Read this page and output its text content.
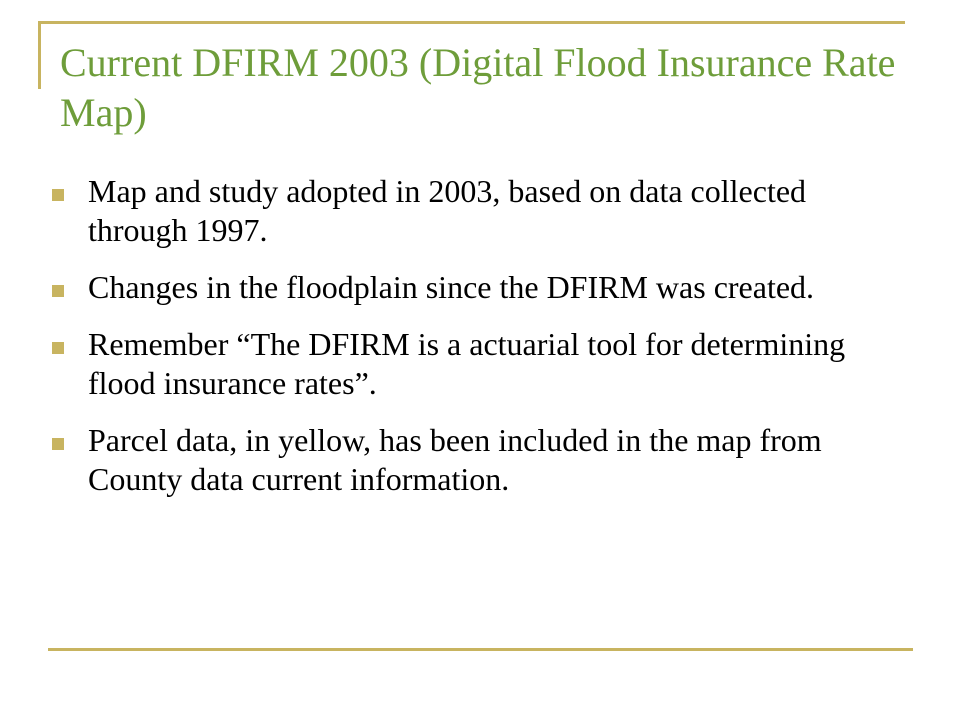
Current DFIRM 2003 (Digital Flood Insurance Rate Map)
Map and study adopted in 2003, based on data collected through 1997.
Changes in the floodplain since the DFIRM was created.
Remember “The DFIRM is a actuarial tool for determining flood insurance rates”.
Parcel data, in yellow, has been included in the map from County data current information.
